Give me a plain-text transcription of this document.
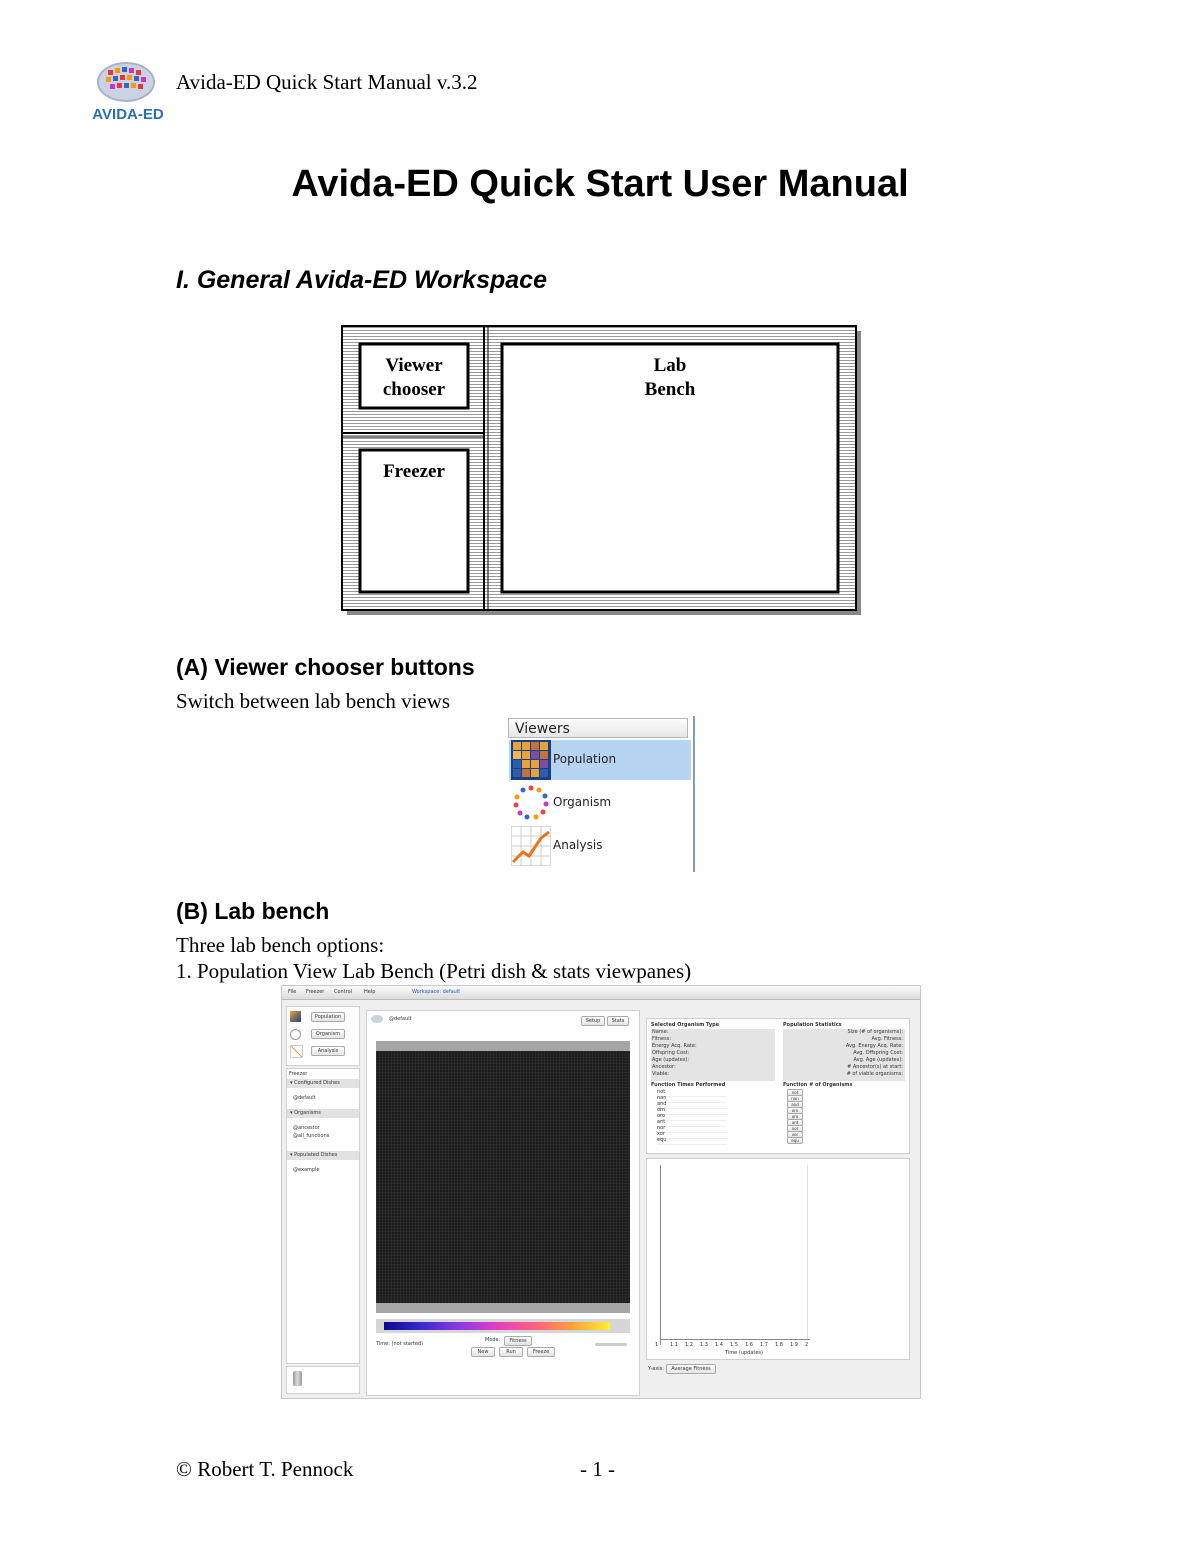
AVIDA-ED
Avida-ED Quick Start Manual v.3.2
Avida-ED Quick Start User Manual
I. General Avida-ED Workspace
Viewer
chooser
Freezer
Lab
Bench
(A) Viewer chooser buttons
Switch between lab bench views
Viewers
Population
Organism
Analysis
(B) Lab bench
Three lab bench options:
1. Population View Lab Bench (Petri dish & stats viewpanes)
File Freezer Control Help	Workspace: default
Population
Organism
Analysis
Freezer
▾ Configured Dishes
@default
▾ Organisms
@ancestor
@all_functions
▾ Populated Dishes
@example
@default	Setup	Stats
Time: (not started)
Mode:	Fitness
New	Run	Freeze
Selected Organism Type
Name:
Fitness:
Energy Acq. Rate:
Offspring Cost:
Age (updates):
Ancestor:
Viable:
Function Times Performed
Population Statistics
Size (# of organisms):
Avg. Fitness:
Avg. Energy Acq. Rate:
Avg. Offspring Cost:
Avg. Age (updates):
# Ancestor(s) at start:
# of viable organisms:
Function # of Organisms
not
nan
and
orn
oro
ant
nor
xor
equ
not
nan
and
orn
oro
ant
nor
xor
equ
1 1.1 1.2 1.3 1.4 1.5 1.6 1.7 1.8 1.9 2
Time (updates)
Y-axis:	Average Fitness
© Robert T. Pennock	- 1 -
